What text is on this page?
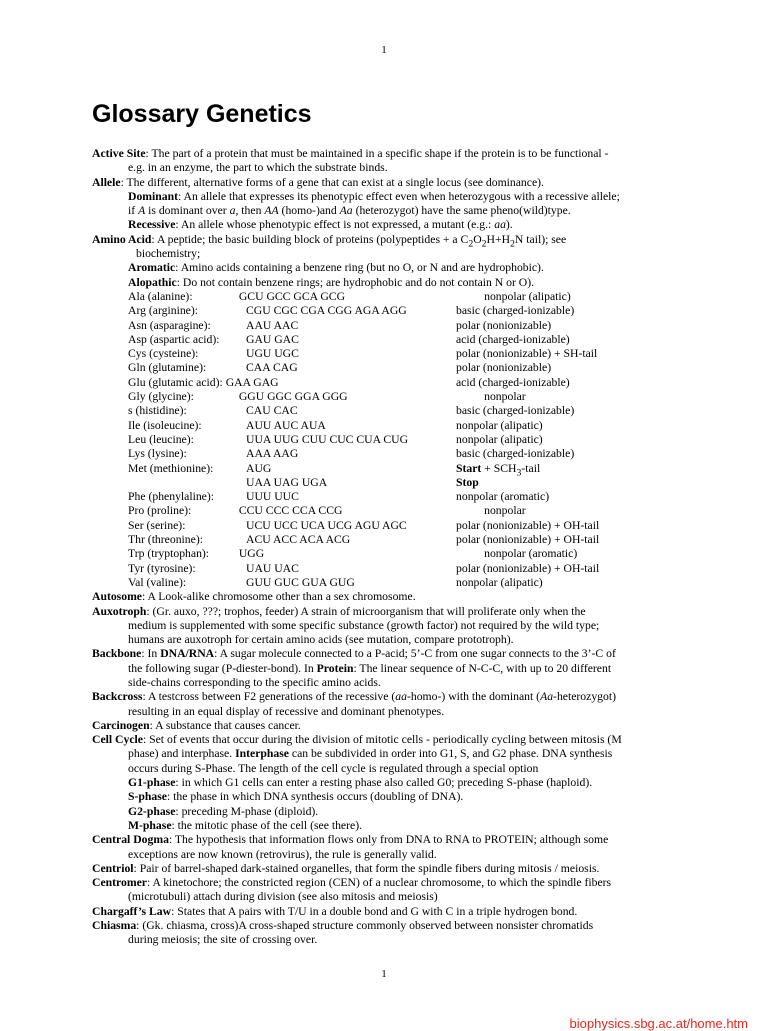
1
Glossary Genetics
Active Site: The part of a protein that must be maintained in a specific shape if the protein is to be functional -
e.g. in an enzyme, the part to which the substrate binds.
Allele: The different, alternative forms of a gene that can exist at a single locus (see dominance).
Dominant: An allele that expresses its phenotypic effect even when heterozygous with a recessive allele;
if A is dominant over a, then AA (homo-)and Aa (heterozygot) have the same pheno(wild)type.
Recessive: An allele whose phenotypic effect is not expressed, a mutant (e.g.: aa).
Amino Acid: A peptide; the basic building block of proteins (polypeptides + a $C_2O_2H+H_2N$ tail); see
biochemistry;
Aromatic: Amino acids containing a benzene ring (but no O, or N and are hydrophobic).
Alopathic: Do not contain benzene rings; are hydrophobic and do not contain N or O).
Ala (alanine):	GCU GCC GCA GCG	nonpolar (alipatic)
Arg (arginine):	CGU CGC CGA CGG AGA AGG	basic (charged-ionizable)
Asn (asparagine):	AAU AAC	polar (nonionizable)
Asp (aspartic acid):	GAU GAC	acid (charged-ionizable)
Cys (cysteine):	UGU UGC	polar (nonionizable) + SH-tail
Gln (glutamine):	CAA CAG	polar (nonionizable)
Glu (glutamic acid): GAA GAG	acid (charged-ionizable)
Gly (glycine):	GGU GGC GGA GGG	nonpolar
s (histidine):	CAU CAC	basic (charged-ionizable)
Ile (isoleucine):	AUU AUC AUA	nonpolar (alipatic)
Leu (leucine):	UUA UUG CUU CUC CUA CUG	nonpolar (alipatic)
Lys (lysine):	AAA AAG	basic (charged-ionizable)
Met (methionine):	AUG	Start + $SCH_3$-tail
UAA UAG UGA	Stop
Phe (phenylaline):	UUU UUC	nonpolar (aromatic)
Pro (proline):	CCU CCC CCA CCG	nonpolar
Ser (serine):	UCU UCC UCA UCG AGU AGC	polar (nonionizable) + OH-tail
Thr (threonine):	ACU ACC ACA ACG	polar (nonionizable) + OH-tail
Trp (tryptophan):	UGG	nonpolar (aromatic)
Tyr (tyrosine):	UAU UAC	polar (nonionizable) + OH-tail
Val (valine):	GUU GUC GUA GUG	nonpolar (alipatic)
Autosome: A Look-alike chromosome other than a sex chromosome.
Auxotroph: (Gr. auxo, ???; trophos, feeder) A strain of microorganism that will proliferate only when the
medium is supplemented with some specific substance (growth factor) not required by the wild type;
humans are auxotroph for certain amino acids (see mutation, compare prototroph).
Backbone: In DNA/RNA: A sugar molecule connected to a P-acid; 5’-C from one sugar connects to the 3’-C of
the following sugar (P-diester-bond). In Protein: The linear sequence of N-C-C, with up to 20 different
side-chains corresponding to the specific amino acids.
Backcross: A testcross between F2 generations of the recessive (aa-homo-) with the dominant (Aa-heterozygot)
resulting in an equal display of recessive and dominant phenotypes.
Carcinogen: A substance that causes cancer.
Cell Cycle: Set of events that occur during the division of mitotic cells - periodically cycling between mitosis (M
phase) and interphase. Interphase can be subdivided in order into G1, S, and G2 phase. DNA synthesis
occurs during S-Phase. The length of the cell cycle is regulated through a special option
G1-phase: in which G1 cells can enter a resting phase also called G0; preceding S-phase (haploid).
S-phase: the phase in which DNA synthesis occurs (doubling of DNA).
G2-phase: preceding M-phase (diploid).
M-phase: the mitotic phase of the cell (see there).
Central Dogma: The hypothesis that information flows only from DNA to RNA to PROTEIN; although some
exceptions are now known (retrovirus), the rule is generally valid.
Centriol: Pair of barrel-shaped dark-stained organelles, that form the spindle fibers during mitosis / meiosis.
Centromer: A kinetochore; the constricted region (CEN) of a nuclear chromosome, to which the spindle fibers
(microtubuli) attach during division (see also mitosis and meiosis)
Chargaff’s Law: States that A pairs with T/U in a double bond and G with C in a triple hydrogen bond.
Chiasma: (Gk. chiasma, cross)A cross-shaped structure commonly observed between nonsister chromatids
during meiosis; the site of crossing over.
1
biophysics.sbg.ac.at/home.htm
